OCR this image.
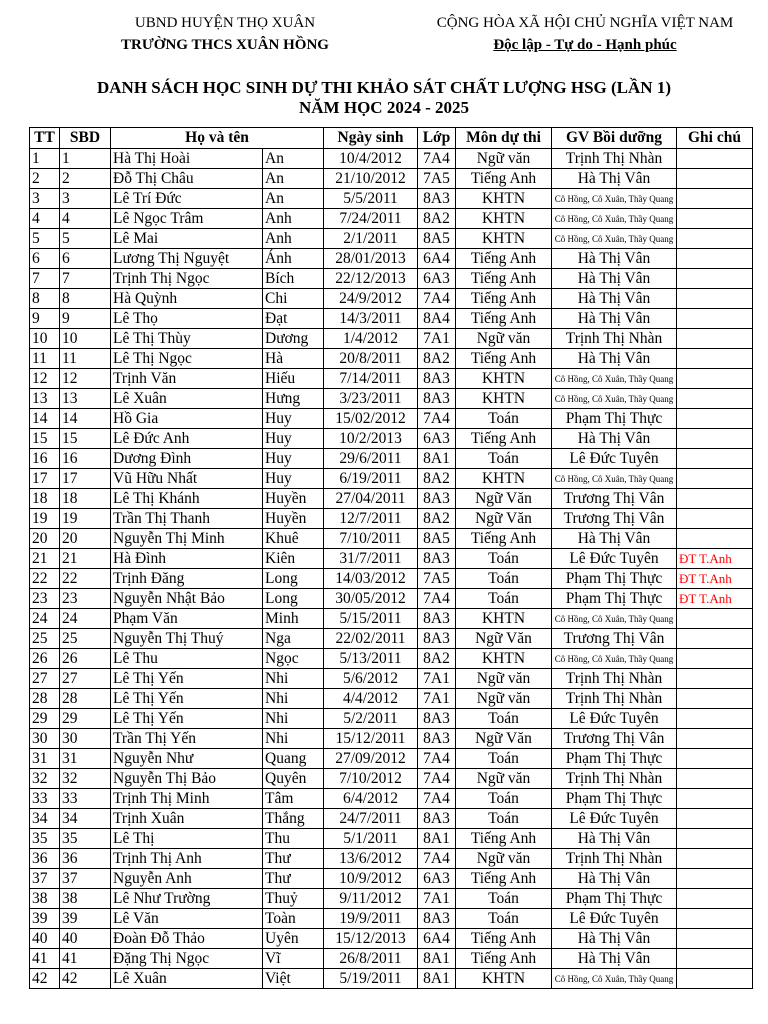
UBND HUYỆN THỌ XUÂN
TRƯỜNG THCS XUÂN HỒNG
CỘNG HÒA XÃ HỘI CHỦ NGHĨA VIỆT NAM
Độc lập - Tự do - Hạnh phúc
DANH SÁCH HỌC SINH DỰ THI KHẢO SÁT CHẤT LƯỢNG HSG (LẦN 1)
NĂM HỌC 2024 - 2025
TT	SBD	Họ và tên		Ngày sinh	Lớp	Môn dự thi	GV Bồi dưỡng	Ghi chú
1	1	Hà Thị Hoài	An	10/4/2012	7A4	Ngữ văn	Trịnh Thị Nhàn	
2	2	Đỗ Thị Châu	An	21/10/2012	7A5	Tiếng Anh	Hà Thị Vân	
3	3	Lê Trí Đức	An	5/5/2011	8A3	KHTN	Cô Hồng, Cô Xuân, Thầy Quang	
4	4	Lê Ngọc Trâm	Anh	7/24/2011	8A2	KHTN	Cô Hồng, Cô Xuân, Thầy Quang	
5	5	Lê Mai	Anh	2/1/2011	8A5	KHTN	Cô Hồng, Cô Xuân, Thầy Quang	
6	6	Lương Thị Nguyệt	Ánh	28/01/2013	6A4	Tiếng Anh	Hà Thị Vân	
7	7	Trịnh Thị Ngọc	Bích	22/12/2013	6A3	Tiếng Anh	Hà Thị Vân	
8	8	Hà Quỳnh	Chi	24/9/2012	7A4	Tiếng Anh	Hà Thị Vân	
9	9	Lê Thọ	Đạt	14/3/2011	8A4	Tiếng Anh	Hà Thị Vân	
10	10	Lê Thị Thùy	Dương	1/4/2012	7A1	Ngữ văn	Trịnh Thị Nhàn	
11	11	Lê Thị Ngọc	Hà	20/8/2011	8A2	Tiếng Anh	Hà Thị Vân	
12	12	Trịnh Văn	Hiếu	7/14/2011	8A3	KHTN	Cô Hồng, Cô Xuân, Thầy Quang	
13	13	Lê Xuân	Hưng	3/23/2011	8A3	KHTN	Cô Hồng, Cô Xuân, Thầy Quang	
14	14	Hồ Gia	Huy	15/02/2012	7A4	Toán	Phạm Thị Thực	
15	15	Lê Đức Anh	Huy	10/2/2013	6A3	Tiếng Anh	Hà Thị Vân	
16	16	Dương Đình	Huy	29/6/2011	8A1	Toán	Lê Đức Tuyên	
17	17	Vũ Hữu Nhất	Huy	6/19/2011	8A2	KHTN	Cô Hồng, Cô Xuân, Thầy Quang	
18	18	Lê Thị Khánh	Huyền	27/04/2011	8A3	Ngữ Văn	Trương Thị Vân	
19	19	Trần Thị Thanh	Huyền	12/7/2011	8A2	Ngữ Văn	Trương Thị Vân	
20	20	Nguyễn Thị Minh	Khuê	7/10/2011	8A5	Tiếng Anh	Hà Thị Vân	
21	21	Hà Đình	Kiên	31/7/2011	8A3	Toán	Lê Đức Tuyên	ĐT T.Anh
22	22	Trịnh Đăng	Long	14/03/2012	7A5	Toán	Phạm Thị Thực	ĐT T.Anh
23	23	Nguyễn Nhật Bảo	Long	30/05/2012	7A4	Toán	Phạm Thị Thực	ĐT T.Anh
24	24	Phạm Văn	Minh	5/15/2011	8A3	KHTN	Cô Hồng, Cô Xuân, Thầy Quang	
25	25	Nguyễn Thị Thuý	Nga	22/02/2011	8A3	Ngữ Văn	Trương Thị Vân	
26	26	Lê Thu	Ngọc	5/13/2011	8A2	KHTN	Cô Hồng, Cô Xuân, Thầy Quang	
27	27	Lê Thị Yến	Nhi	5/6/2012	7A1	Ngữ văn	Trịnh Thị Nhàn	
28	28	Lê Thị Yến	Nhi	4/4/2012	7A1	Ngữ văn	Trịnh Thị Nhàn	
29	29	Lê Thị Yến	Nhi	5/2/2011	8A3	Toán	Lê Đức Tuyên	
30	30	Trần Thị Yến	Nhi	15/12/2011	8A3	Ngữ Văn	Trương Thị Vân	
31	31	Nguyễn Như	Quang	27/09/2012	7A4	Toán	Phạm Thị Thực	
32	32	Nguyễn Thị Bảo	Quyên	7/10/2012	7A4	Ngữ văn	Trịnh Thị Nhàn	
33	33	Trịnh Thị Minh	Tâm	6/4/2012	7A4	Toán	Phạm Thị Thực	
34	34	Trịnh Xuân	Thắng	24/7/2011	8A3	Toán	Lê Đức Tuyên	
35	35	Lê Thị	Thu	5/1/2011	8A1	Tiếng Anh	Hà Thị Vân	
36	36	Trịnh Thị Anh	Thư	13/6/2012	7A4	Ngữ văn	Trịnh Thị Nhàn	
37	37	Nguyễn Anh	Thư	10/9/2012	6A3	Tiếng Anh	Hà Thị Vân	
38	38	Lê Như Trường	Thuỷ	9/11/2012	7A1	Toán	Phạm Thị Thực	
39	39	Lê Văn	Toàn	19/9/2011	8A3	Toán	Lê Đức Tuyên	
40	40	Đoàn Đỗ Thảo	Uyên	15/12/2013	6A4	Tiếng Anh	Hà Thị Vân	
41	41	Đặng Thị Ngọc	Vĩ	26/8/2011	8A1	Tiếng Anh	Hà Thị Vân	
42	42	Lê Xuân	Việt	5/19/2011	8A1	KHTN	Cô Hồng, Cô Xuân, Thầy Quang	
